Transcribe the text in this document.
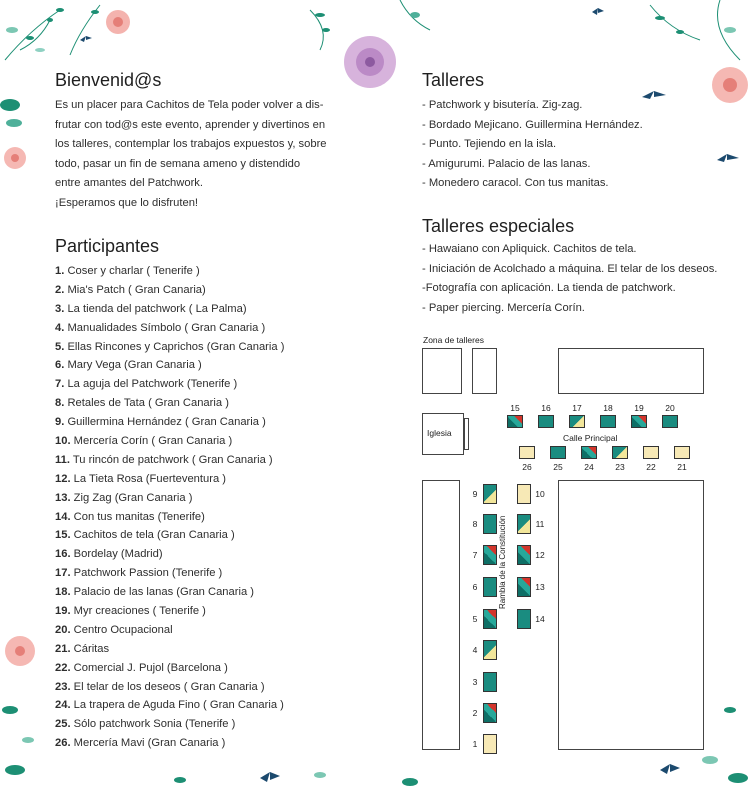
Bienvenid@s
Es un placer para Cachitos de Tela poder volver a dis-
frutar con tod@s este evento, aprender y divertinos en
los talleres, contemplar los trabajos expuestos y, sobre
todo, pasar un fin de semana ameno y distendido
entre amantes del Patchwork.
¡Esperamos que lo disfruten!
Participantes
1. Coser y charlar ( Tenerife )
2. Mia's Patch ( Gran Canaria)
3. La tienda del patchwork ( La Palma)
4. Manualidades Símbolo ( Gran Canaria )
5. Ellas Rincones y Caprichos (Gran Canaria )
6. Mary Vega (Gran Canaria )
7. La aguja del Patchwork (Tenerife )
8. Retales de Tata ( Gran Canaria )
9. Guillermina Hernández ( Gran Canaria )
10. Mercería Corín ( Gran Canaria )
11. Tu rincón de patchwork ( Gran Canaria )
12. La Tieta Rosa (Fuerteventura )
13. Zig Zag (Gran Canaria )
14. Con tus manitas (Tenerife)
15. Cachitos de tela (Gran Canaria )
16. Bordelay (Madrid)
17. Patchwork Passion (Tenerife )
18. Palacio de las lanas (Gran Canaria )
19. Myr creaciones ( Tenerife )
20. Centro Ocupacional
21. Cáritas
22. Comercial J. Pujol (Barcelona )
23. El telar de los deseos ( Gran Canaria )
24. La trapera de Aguda Fino ( Gran Canaria )
25. Sólo patchwork Sonia (Tenerife )
26. Mercería Mavi (Gran Canaria )
Talleres
- Patchwork y bisutería. Zig-zag.
- Bordado Mejicano. Guillermina Hernández.
- Punto. Tejiendo en la isla.
- Amigurumi. Palacio de las lanas.
- Monedero caracol. Con tus manitas.
Talleres especiales
- Hawaiano con Apliquick. Cachitos de tela.
- Iniciación de Acolchado a máquina. El telar de los deseos.
-Fotografía con aplicación. La tienda de patchwork.
- Paper piercing. Mercería Corín.
Zona de talleres
Iglesia
15	16	17	18	19	20
Calle Principal
26	25	24	23	22	21
9
8
7
6
5
4
3
2
1
Rambla de la Constitución
10
11
12
13
14
